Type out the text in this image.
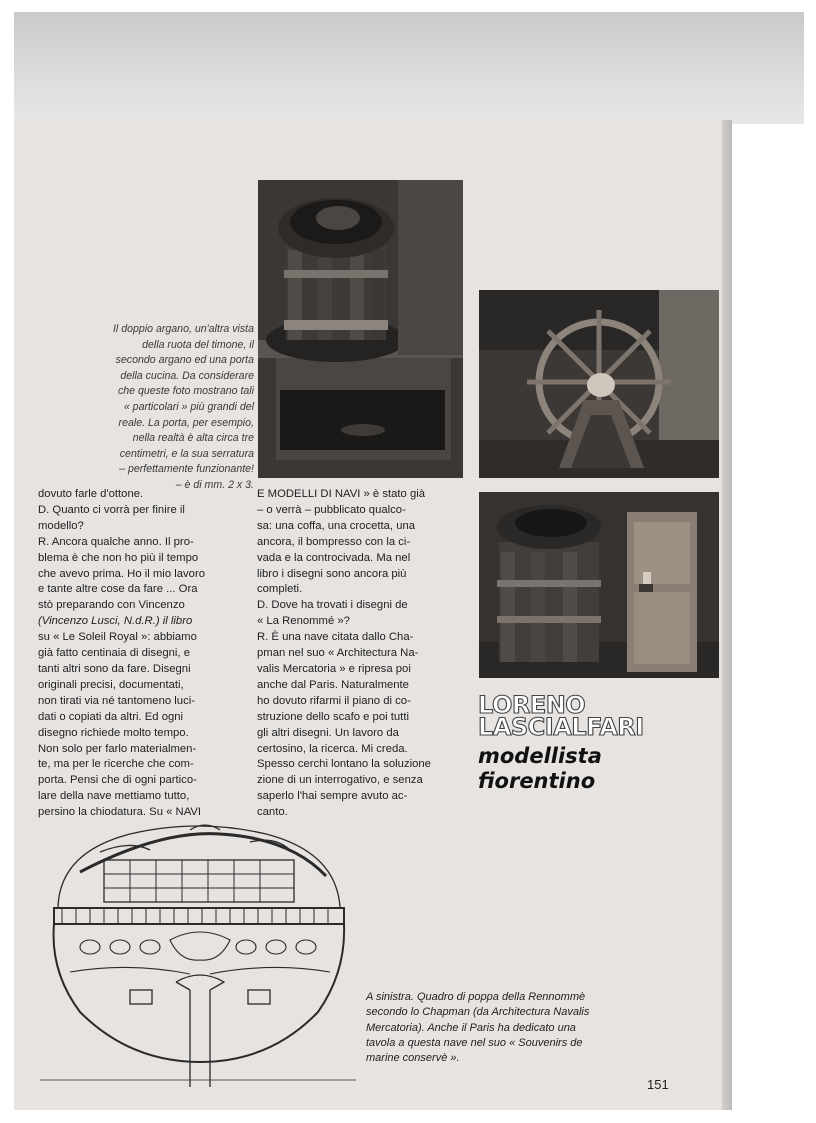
Il doppio argano, un'altra vista
della ruota del timone, il
secondo argano ed una porta
della cucina. Da considerare
che queste foto mostrano tali
« particolari » più grandi del
reale. La porta, per esempio,
nella realtà è alta circa tre
centimetri, e la sua serratura
– perfettamente funzionante!
– è di mm. 2 x 3.

dovuto farle d'ottone.

D. Quanto ci vorrà per finire il

modello?

R. Ancora qualche anno. Il pro-

blema è che non ho più il tempo

che avevo prima. Ho il mio lavoro

e tante altre cose da fare ... Ora

stò preparando con Vincenzo

(Vincenzo Lusci, N.d.R.) il libro

su « Le Soleil Royal »: abbiamo

già fatto centinaia di disegni, e

tanti altri sono da fare. Disegni

originali precisi, documentati,

non tirati via né tantomeno luci-

dati o copiati da altri. Ed ogni

disegno richiede molto tempo.

Non solo per farlo materialmen-

te, ma per le ricerche che com-

porta. Pensi che di ogni partico-

lare della nave mettiamo tutto,

persino la chiodatura. Su « NAVI

E MODELLI DI NAVI » è stato già

– o verrà – pubblicato qualco-

sa: una coffa, una crocetta, una

ancora, il bompresso con la ci-

vada e la controcivada. Ma nel

libro i disegni sono ancora più

completi.

D. Dove ha trovati i disegni de

« La Renommé »?

R. È una nave citata dallo Cha-

pman nel suo « Architectura Na-

valis Mercatoria » e ripresa poi

anche dal Paris. Naturalmente

ho dovuto rifarmi il piano di co-

struzione dello scafo e poi tutti

gli altri disegni. Un lavoro da

certosino, la ricerca. Mi creda.

Spesso cerchi lontano la soluzione

zione di un interrogativo, e senza

saperlo l'hai sempre avuto ac-

canto.

LORENO
LASCIALFARI
modellista
fiorentino
A sinistra. Quadro di poppa della Rennommè
secondo lo Chapman (da Architectura Navalis
Mercatoria). Anche il Paris ha dedicato una
tavola a questa nave nel suo « Souvenirs de
marine conservè ».
151
